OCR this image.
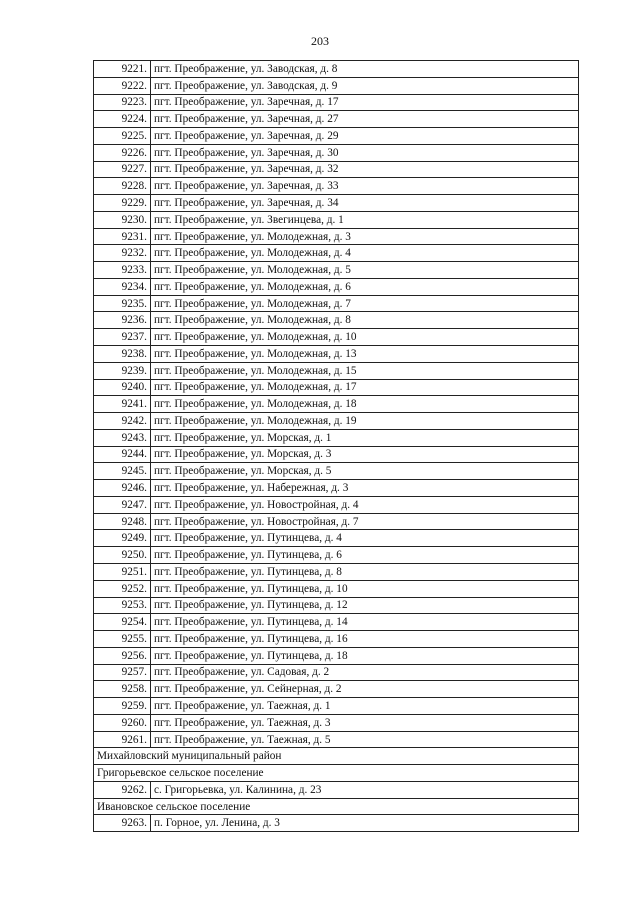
203
9221.	пгт. Преображение, ул. Заводская, д. 8
9222.	пгт. Преображение, ул. Заводская, д. 9
9223.	пгт. Преображение, ул. Заречная, д. 17
9224.	пгт. Преображение, ул. Заречная, д. 27
9225.	пгт. Преображение, ул. Заречная, д. 29
9226.	пгт. Преображение, ул. Заречная, д. 30
9227.	пгт. Преображение, ул. Заречная, д. 32
9228.	пгт. Преображение, ул. Заречная, д. 33
9229.	пгт. Преображение, ул. Заречная, д. 34
9230.	пгт. Преображение, ул. Звегинцева, д. 1
9231.	пгт. Преображение, ул. Молодежная, д. 3
9232.	пгт. Преображение, ул. Молодежная, д. 4
9233.	пгт. Преображение, ул. Молодежная, д. 5
9234.	пгт. Преображение, ул. Молодежная, д. 6
9235.	пгт. Преображение, ул. Молодежная, д. 7
9236.	пгт. Преображение, ул. Молодежная, д. 8
9237.	пгт. Преображение, ул. Молодежная, д. 10
9238.	пгт. Преображение, ул. Молодежная, д. 13
9239.	пгт. Преображение, ул. Молодежная, д. 15
9240.	пгт. Преображение, ул. Молодежная, д. 17
9241.	пгт. Преображение, ул. Молодежная, д. 18
9242.	пгт. Преображение, ул. Молодежная, д. 19
9243.	пгт. Преображение, ул. Морская, д. 1
9244.	пгт. Преображение, ул. Морская, д. 3
9245.	пгт. Преображение, ул. Морская, д. 5
9246.	пгт. Преображение, ул. Набережная, д. 3
9247.	пгт. Преображение, ул. Новостройная, д. 4
9248.	пгт. Преображение, ул. Новостройная, д. 7
9249.	пгт. Преображение, ул. Путинцева, д. 4
9250.	пгт. Преображение, ул. Путинцева, д. 6
9251.	пгт. Преображение, ул. Путинцева, д. 8
9252.	пгт. Преображение, ул. Путинцева, д. 10
9253.	пгт. Преображение, ул. Путинцева, д. 12
9254.	пгт. Преображение, ул. Путинцева, д. 14
9255.	пгт. Преображение, ул. Путинцева, д. 16
9256.	пгт. Преображение, ул. Путинцева, д. 18
9257.	пгт. Преображение, ул. Садовая, д. 2
9258.	пгт. Преображение, ул. Сейнерная, д. 2
9259.	пгт. Преображение, ул. Таежная, д. 1
9260.	пгт. Преображение, ул. Таежная, д. 3
9261.	пгт. Преображение, ул. Таежная, д. 5
Михайловский муниципальный район	
Григорьевское сельское поселение	
9262.	с. Григорьевка, ул. Калинина, д. 23
Ивановское сельское поселение	
9263.	п. Горное, ул. Ленина, д. 3
